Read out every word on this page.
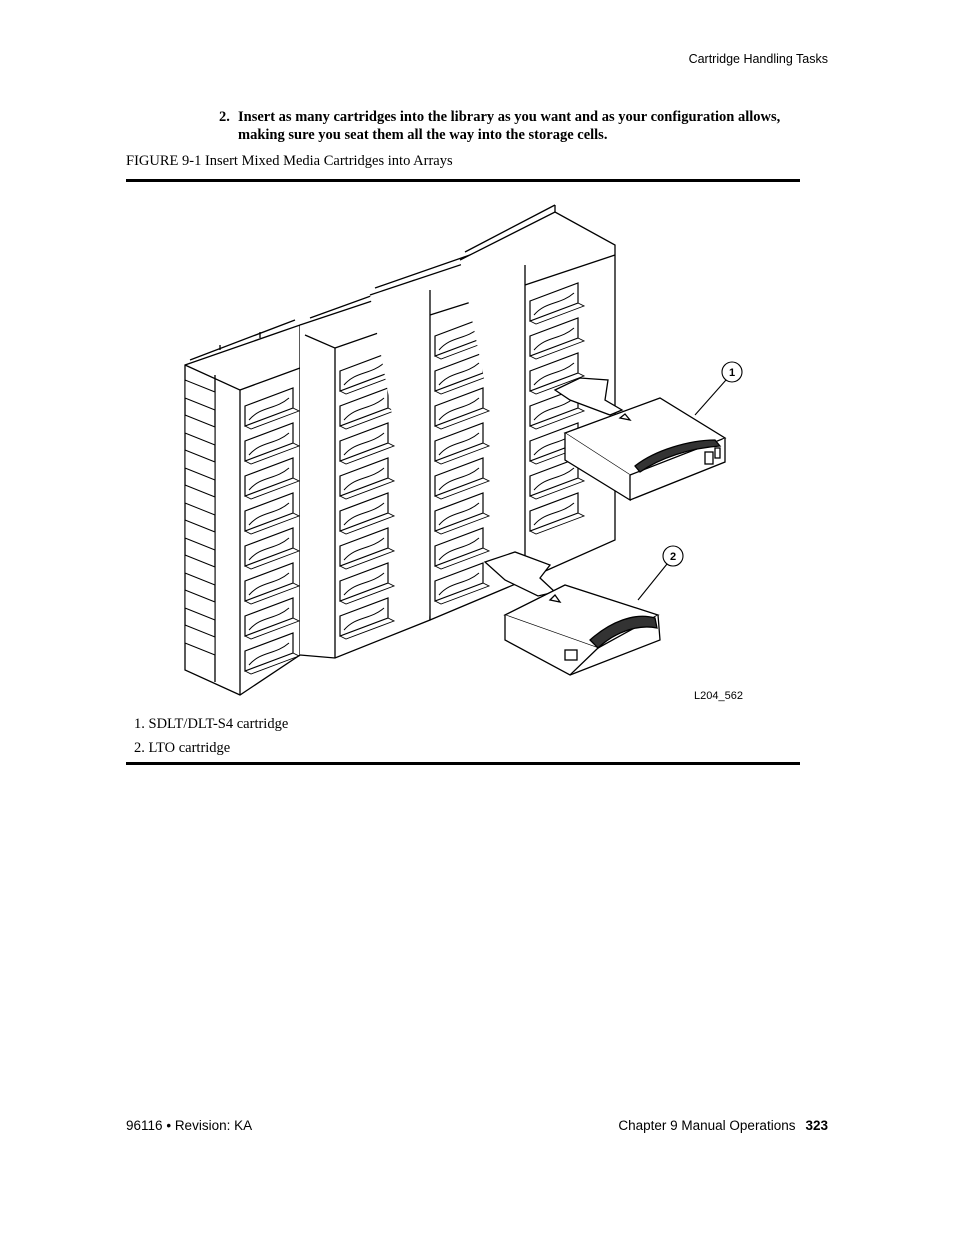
Cartridge Handling Tasks
2. Insert as many cartridges into the library as you want and as your configuration allows, making sure you seat them all the way into the storage cells.
FIGURE 9-1 Insert Mixed Media Cartridges into Arrays
1
2
L204_562
1. SDLT/DLT-S4 cartridge
2. LTO cartridge
96116 • Revision: KA	Chapter 9 Manual Operations 323
